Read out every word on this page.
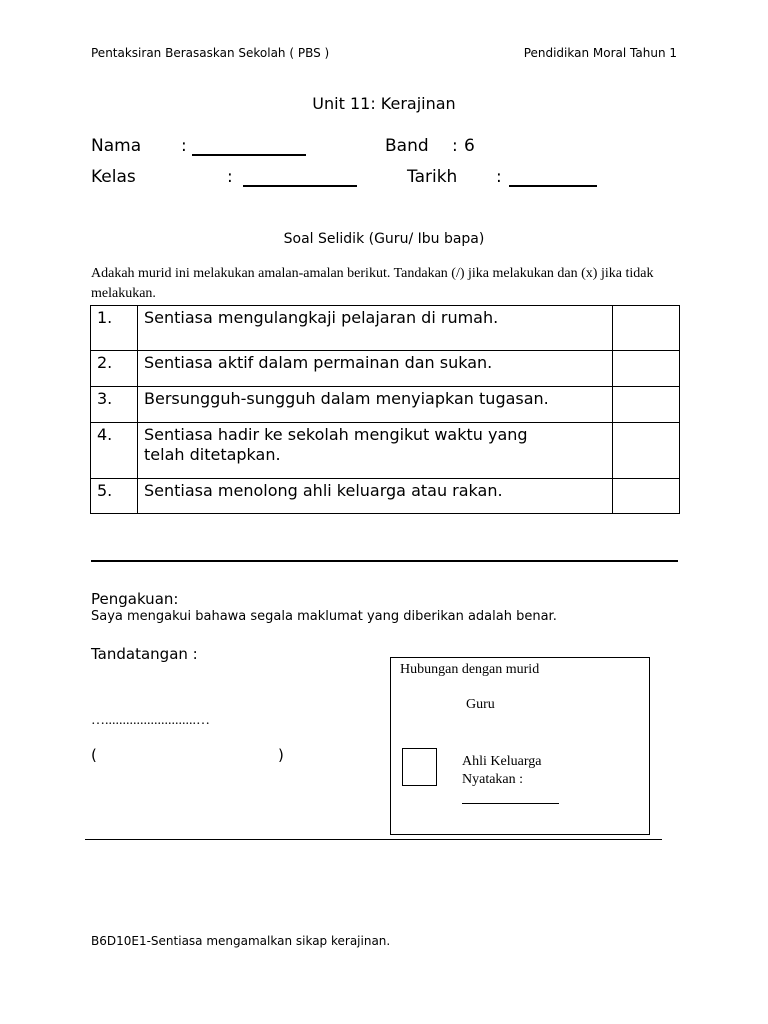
Pentaksiran Berasaskan Sekolah ( PBS )	Pendidikan Moral Tahun 1
Unit 11: Kerajinan
Nama :	Band : 6
Kelas	:	Tarikh :
Soal Selidik (Guru/ Ibu bapa)
Adakah murid ini melakukan amalan-amalan berikut. Tandakan (/) jika melakukan dan (x) jika tidak melakukan.
1.	Sentiasa mengulangkaji pelajaran di rumah.	
2.	Sentiasa aktif dalam permainan dan sukan.	
3.	Bersungguh-sungguh dalam menyiapkan tugasan.	
4.	Sentiasa hadir ke sekolah mengikut waktu yang telah ditetapkan.	
5.	Sentiasa menolong ahli keluarga atau rakan.	
Pengakuan:
Saya mengakui bahawa segala maklumat yang diberikan adalah benar.
Tandatangan :
…..........................…
(	)
Hubungan dengan murid
Guru
Ahli Keluarga
Nyatakan :
B6D10E1-Sentiasa mengamalkan sikap kerajinan.
